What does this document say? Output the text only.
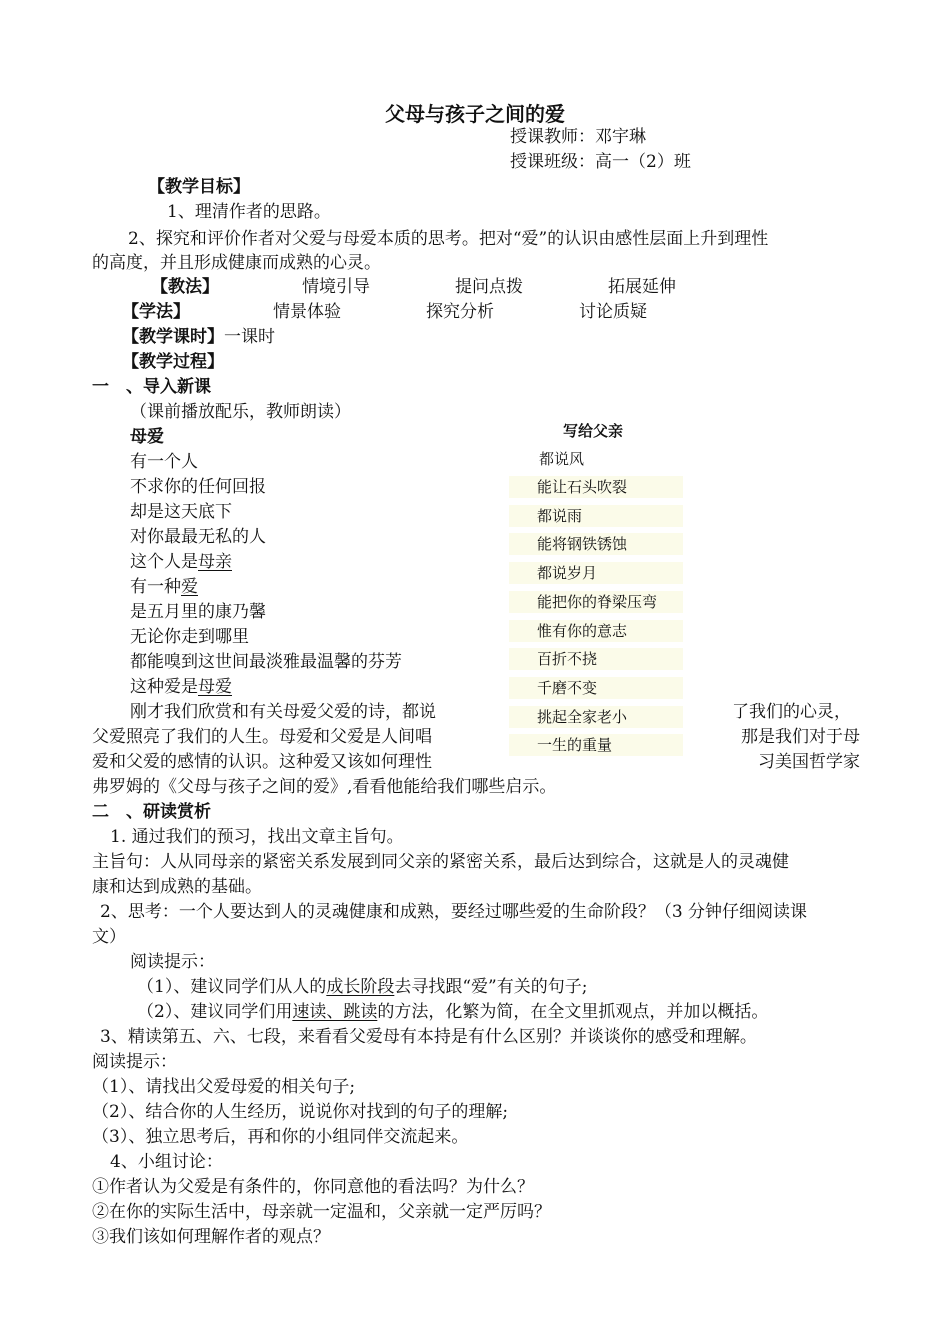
父母与孩子之间的爱
授课教师：邓宇琳
授课班级：高一（2）班
【教学目标】
1、理清作者的思路。
2、探究和评价作者对父爱与母爱本质的思考。把对“爱”的认识由感性层面上升到理性
的高度，并且形成健康而成熟的心灵。
【教法】	情境引导	提问点拨	拓展延伸
【学法】	情景体验	探究分析	讨论质疑
【教学课时】一课时
【教学过程】
一　、导入新课
（课前播放配乐，教师朗读）
母爱
有一个人
不求你的任何回报
却是这天底下
对你最最无私的人
这个人是母亲
有一种爱
是五月里的康乃馨
无论你走到哪里
都能嗅到这世间最淡雅最温馨的芬芳
这种爱是母爱
刚才我们欣赏和有关母爱父爱的诗，都说	了我们的心灵，
父爱照亮了我们的人生。母爱和父爱是人间唱	那是我们对于母
爱和父爱的感情的认识。这种爱又该如何理性	习美国哲学家
弗罗姆的《父母与孩子之间的爱》,看看他能给我们哪些启示。
写给父亲
都说风
能让石头吹裂
都说雨
能将钢铁锈蚀
都说岁月
能把你的脊梁压弯
惟有你的意志
百折不挠
千磨不变
挑起全家老小
一生的重量
二　、研读赏析
1. 通过我们的预习，找出文章主旨句。
主旨句：人从同母亲的紧密关系发展到同父亲的紧密关系，最后达到综合，这就是人的灵魂健
康和达到成熟的基础。
2、思考：一个人要达到人的灵魂健康和成熟，要经过哪些爱的生命阶段？（3 分钟仔细阅读课
文）
阅读提示：
（1）、建议同学们从人的成长阶段去寻找跟“爱”有关的句子;
（2）、建议同学们用速读、跳读的方法，化繁为简，在全文里抓观点，并加以概括。
3、精读第五、六、七段，来看看父爱母有本持是有什么区别？并谈谈你的感受和理解。
阅读提示：
（1）、请找出父爱母爱的相关句子;
（2）、结合你的人生经历，说说你对找到的句子的理解;
（3）、独立思考后，再和你的小组同伴交流起来。
4、小组讨论：
①作者认为父爱是有条件的，你同意他的看法吗？为什么？
②在你的实际生活中，母亲就一定温和，父亲就一定严厉吗？
③我们该如何理解作者的观点？
